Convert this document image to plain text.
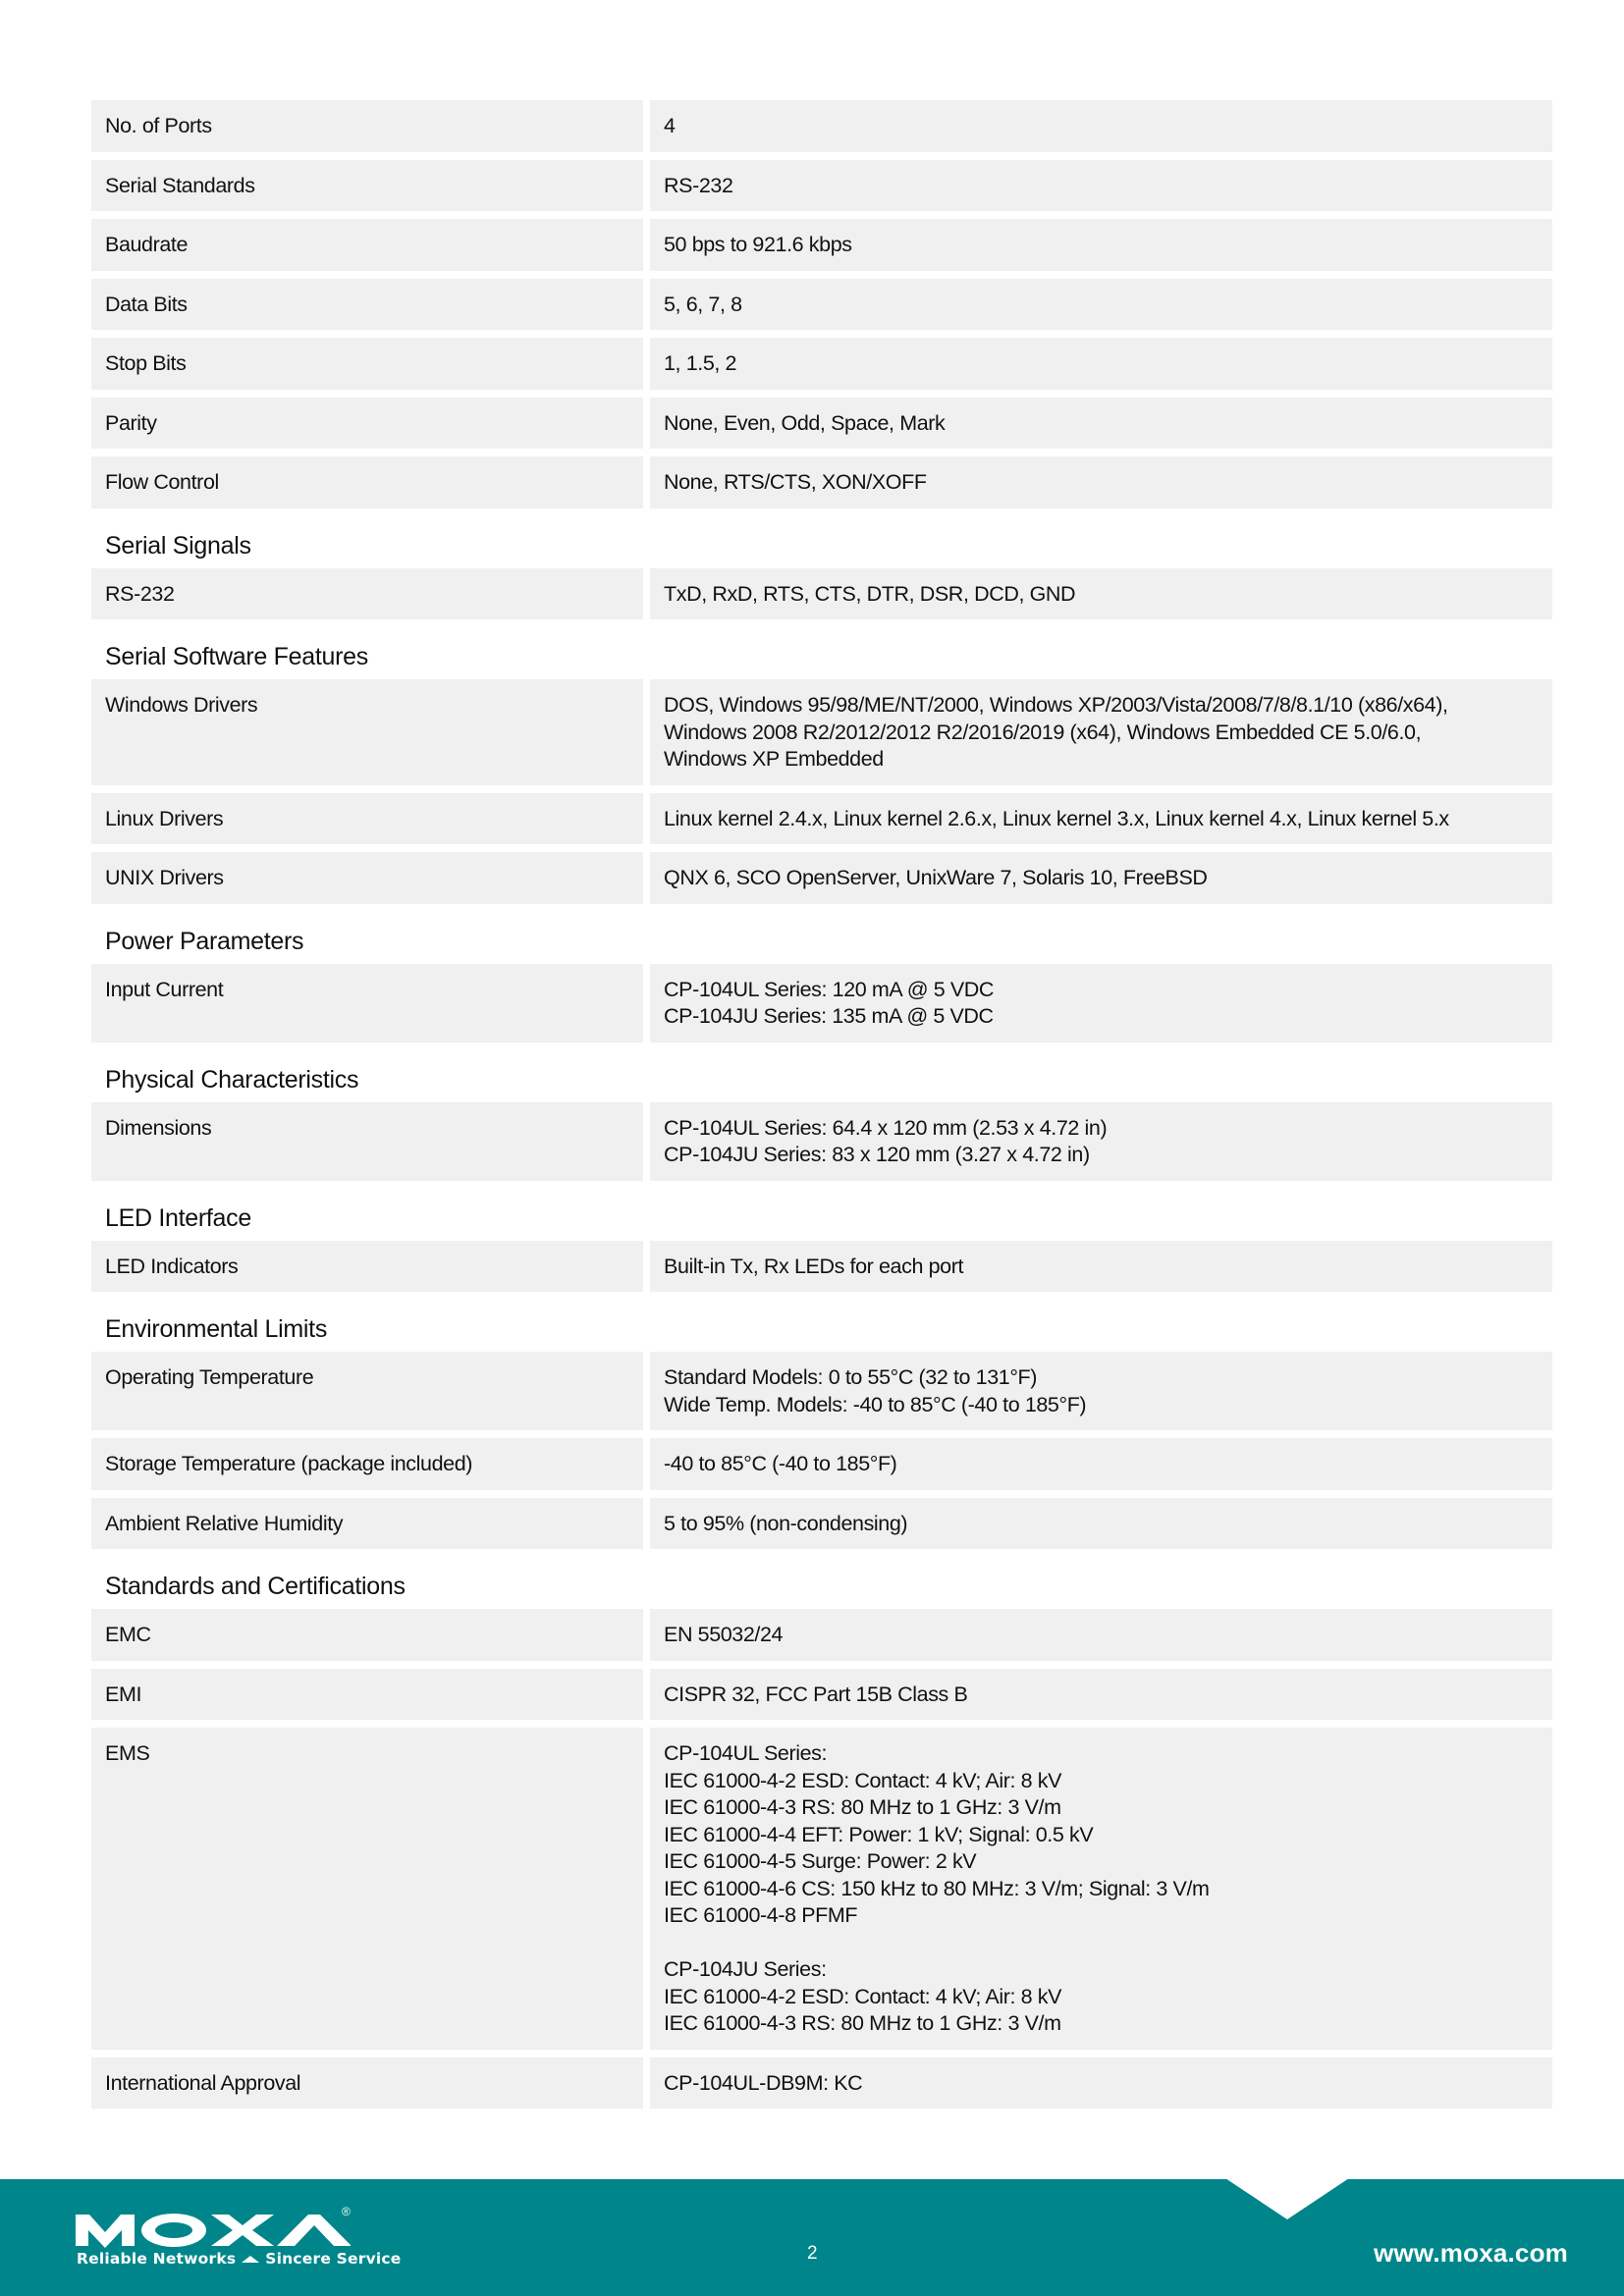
No. of Ports	4
Serial Standards	RS-232
Baudrate	50 bps to 921.6 kbps
Data Bits	5, 6, 7, 8
Stop Bits	1, 1.5, 2
Parity	None, Even, Odd, Space, Mark
Flow Control	None, RTS/CTS, XON/XOFF
Serial Signals
RS-232	TxD, RxD, RTS, CTS, DTR, DSR, DCD, GND
Serial Software Features
Windows Drivers	DOS, Windows 95/98/ME/NT/2000, Windows XP/2003/Vista/2008/7/8/8.1/10 (x86/x64),
Windows 2008 R2/2012/2012 R2/2016/2019 (x64), Windows Embedded CE 5.0/6.0,
Windows XP Embedded
Linux Drivers	Linux kernel 2.4.x, Linux kernel 2.6.x, Linux kernel 3.x, Linux kernel 4.x, Linux kernel 5.x
UNIX Drivers	QNX 6, SCO OpenServer, UnixWare 7, Solaris 10, FreeBSD
Power Parameters
Input Current	CP-104UL Series: 120 mA @ 5 VDC
CP-104JU Series: 135 mA @ 5 VDC
Physical Characteristics
Dimensions	CP-104UL Series: 64.4 x 120 mm (2.53 x 4.72 in)
CP-104JU Series: 83 x 120 mm (3.27 x 4.72 in)
LED Interface
LED Indicators	Built-in Tx, Rx LEDs for each port
Environmental Limits
Operating Temperature	Standard Models: 0 to 55°C (32 to 131°F)
Wide Temp. Models: -40 to 85°C (-40 to 185°F)
Storage Temperature (package included)	-40 to 85°C (-40 to 185°F)
Ambient Relative Humidity	5 to 95% (non-condensing)
Standards and Certifications
EMC	EN 55032/24
EMI	CISPR 32, FCC Part 15B Class B
EMS	CP-104UL Series:
IEC 61000-4-2 ESD: Contact: 4 kV; Air: 8 kV
IEC 61000-4-3 RS: 80 MHz to 1 GHz: 3 V/m
IEC 61000-4-4 EFT: Power: 1 kV; Signal: 0.5 kV
IEC 61000-4-5 Surge: Power: 2 kV
IEC 61000-4-6 CS: 150 kHz to 80 MHz: 3 V/m; Signal: 3 V/m
IEC 61000-4-8 PFMF

CP-104JU Series:
IEC 61000-4-2 ESD: Contact: 4 kV; Air: 8 kV
IEC 61000-4-3 RS: 80 MHz to 1 GHz: 3 V/m
International Approval	CP-104UL-DB9M: KC
®
Reliable Networks Sincere Service	2	www.moxa.com
